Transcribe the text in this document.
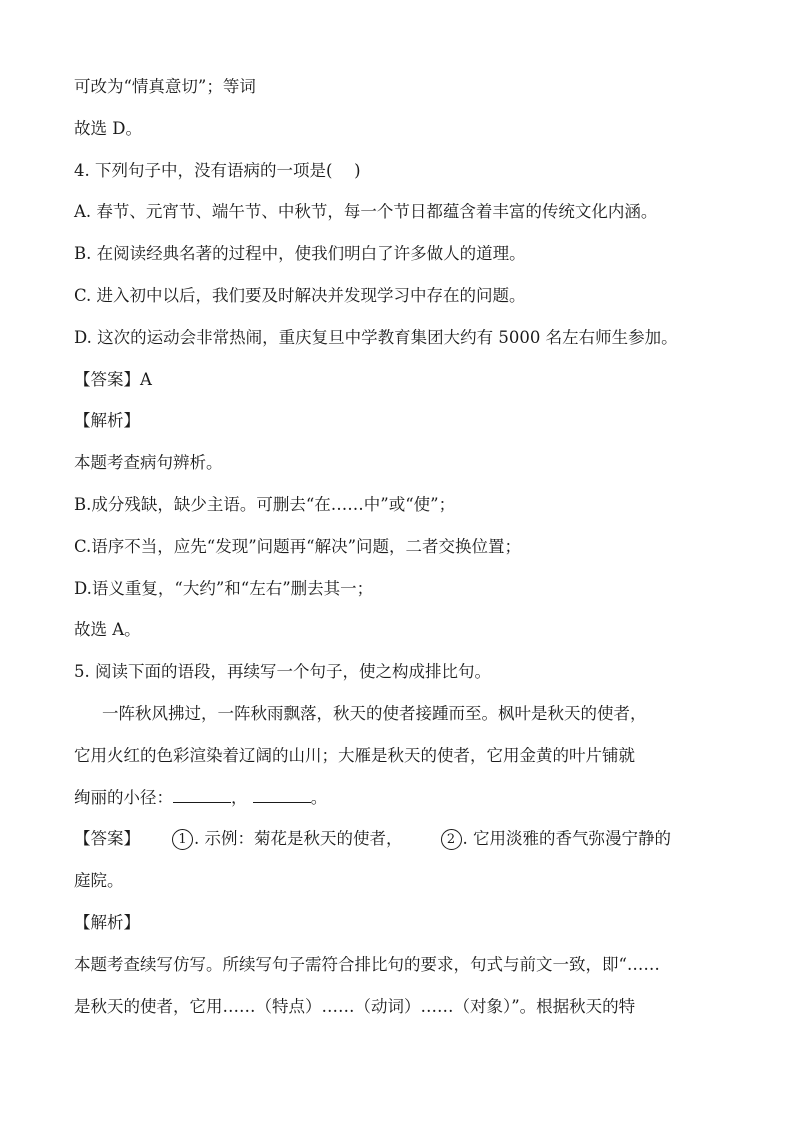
可改为“情真意切”；等词
故选 D。
4. 下列句子中，没有语病的一项是(　 )
A. 春节、元宵节、端午节、中秋节，每一个节日都蕴含着丰富的传统文化内涵。
B. 在阅读经典名著的过程中，使我们明白了许多做人的道理。
C. 进入初中以后，我们要及时解决并发现学习中存在的问题。
D. 这次的运动会非常热闹，重庆复旦中学教育集团大约有 5000 名左右师生参加。
【答案】A
【解析】
本题考查病句辨析。
B.成分残缺，缺少主语。可删去“在……中”或“使”；
C.语序不当，应先“发现”问题再“解决”问题，二者交换位置；
D.语义重复，“大约”和“左右”删去其一；
故选 A。
5. 阅读下面的语段，再续写一个句子，使之构成排比句。
一阵秋风拂过，一阵秋雨飘落，秋天的使者接踵而至。枫叶是秋天的使者，
它用火红的色彩渲染着辽阔的山川；大雁是秋天的使者，它用金黄的叶片铺就
绚丽的小径：	，	。
【答案】	1 . 示例：菊花是秋天的使者，	2 . 它用淡雅的香气弥漫宁静的
庭院。
【解析】
本题考查续写仿写。所续写句子需符合排比句的要求，句式与前文一致，即“……
是秋天的使者，它用……（特点）……（动词）……（对象）”。根据秋天的特
